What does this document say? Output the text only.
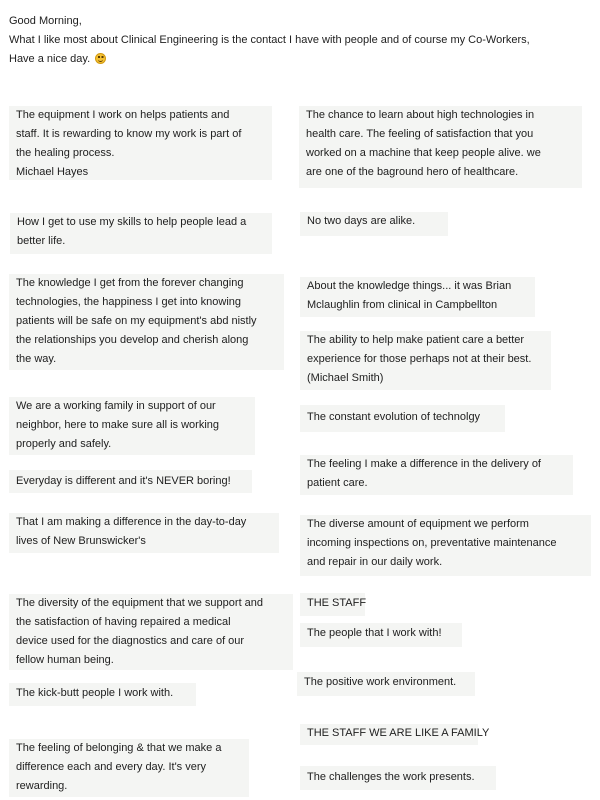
Good Morning,
What I like most about Clinical Engineering is the contact I have with people and of course my Co-Workers,
Have a nice day.
The equipment I work on helps patients and
staff. It is rewarding to know my work is part of
the healing process.
Michael Hayes
How I get to use my skills to help people lead a
better life.
The knowledge I get from the forever changing
technologies, the happiness I get into knowing
patients will be safe on my equipment's abd nistly
the relationships you develop and cherish along
the way.
We are a working family in support of our
neighbor, here to make sure all is working
properly and safely.
Everyday is different and it's NEVER boring!
That I am making a difference in the day-to-day
lives of New Brunswicker's
The diversity of the equipment that we support and
the satisfaction of having repaired a medical
device used for the diagnostics and care of our
fellow human being.
The kick-butt people I work with.
The feeling of belonging & that we make a
difference each and every day. It's very
rewarding.
The chance to learn about high technologies in
health care. The feeling of satisfaction that you
worked on a machine that keep people alive. we
are one of the baground hero of healthcare.
No two days are alike.
About the knowledge things... it was Brian
Mclaughlin from clinical in Campbellton
The ability to help make patient care a better
experience for those perhaps not at their best.
(Michael Smith)
The constant evolution of technolgy
The feeling I make a difference in the delivery of
patient care.
The diverse amount of equipment we perform
incoming inspections on, preventative maintenance
and repair in our daily work.
THE STAFF
The people that I work with!
The positive work environment.
THE STAFF WE ARE LIKE A FAMILY
The challenges the work presents.
